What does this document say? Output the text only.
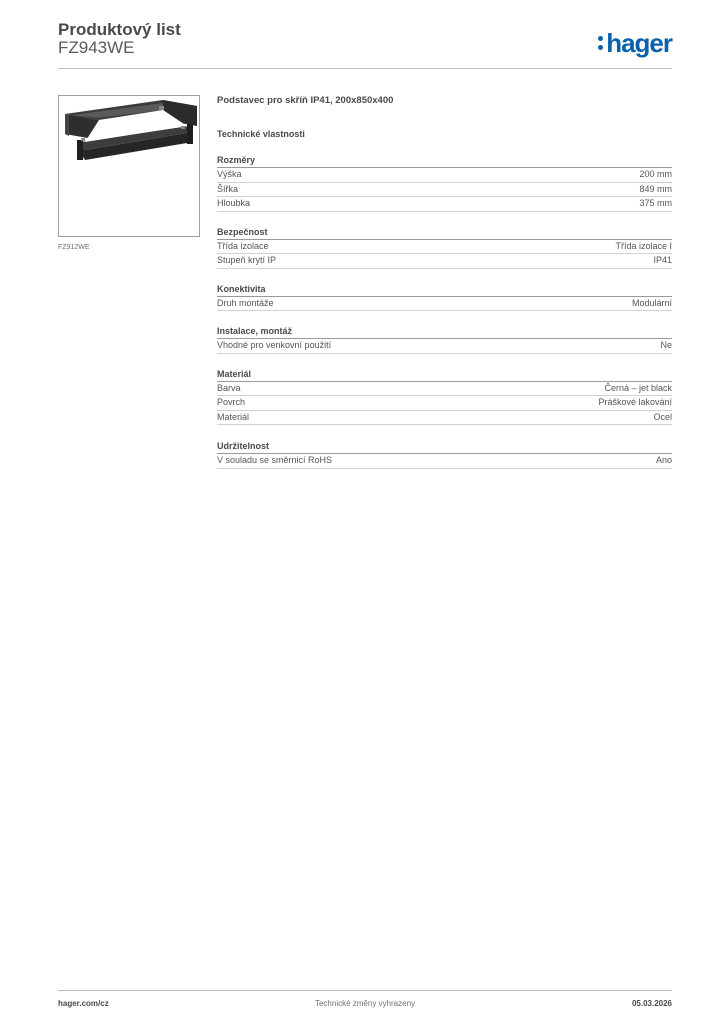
Produktový list
FZ943WE	hager
FZ912WE
Podstavec pro skříň IP41, 200x850x400
Technické vlastnosti
Rozměry
Výška	200 mm
Šířka	849 mm
Hloubka	375 mm
Bezpečnost
Třída izolace	Třída izolace I
Stupeň krytí IP	IP41
Konektivita
Druh montáže	Modulární
Instalace, montáž
Vhodné pro venkovní použití	Ne
Materiál
Barva	Černá – jet black
Povrch	Práškové lakování
Materiál	Ocel
Udržitelnost
V souladu se směrnicí RoHS	Ano
hager.com/cz	Technické změny vyhrazeny	05.03.2026
